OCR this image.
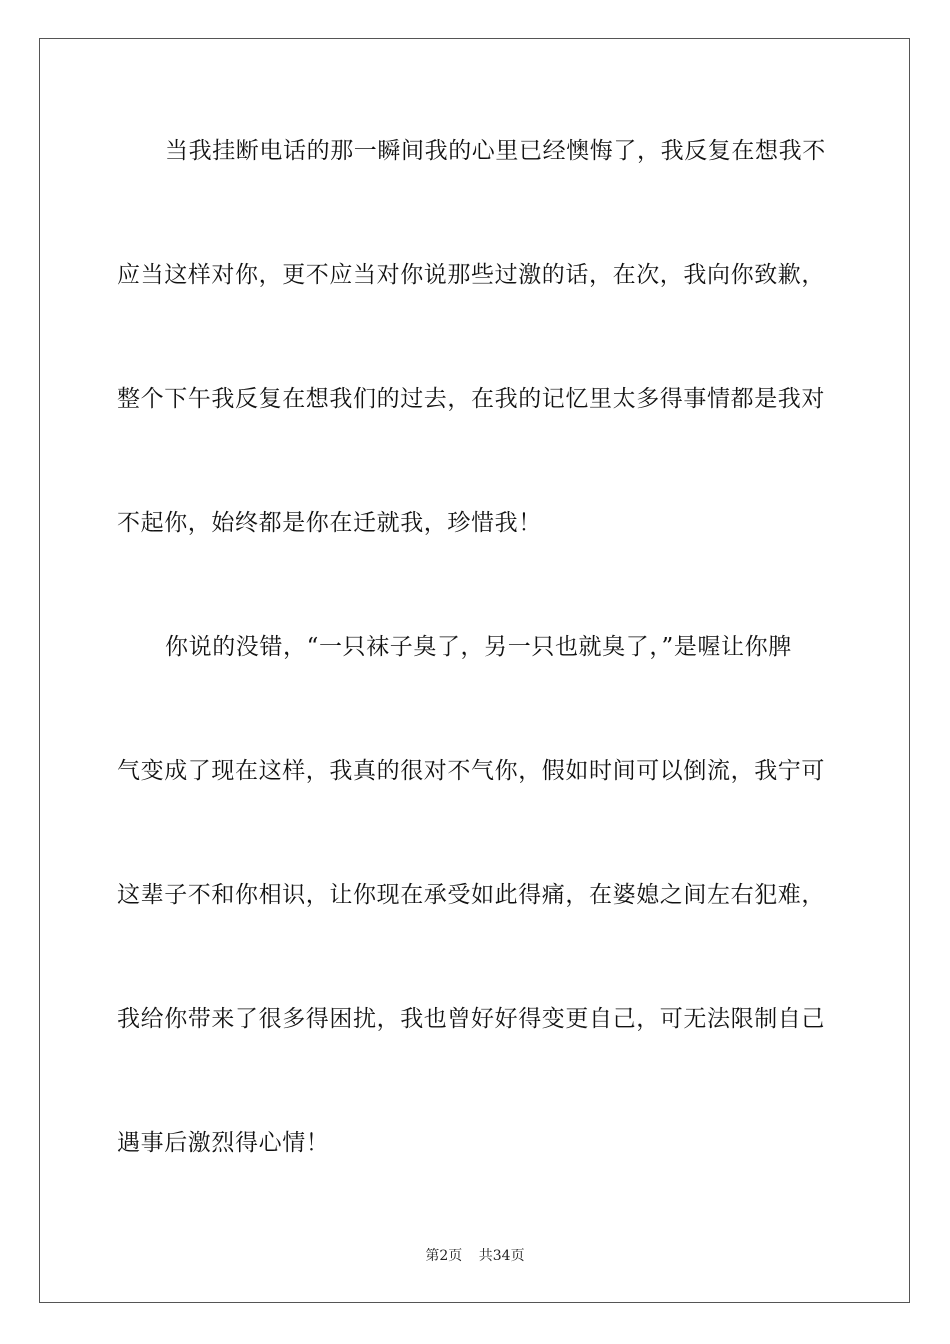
当我挂断电话的那一瞬间我的心里已经懊悔了，我反复在想我不
应当这样对你，更不应当对你说那些过激的话，在次，我向你致歉，
整个下午我反复在想我们的过去，在我的记忆里太多得事情都是我对
不起你，始终都是你在迁就我，珍惜我！
你说的没错，“一只袜子臭了，另一只也就臭了，”是喔让你脾
气变成了现在这样，我真的很对不气你，假如时间可以倒流，我宁可
这辈子不和你相识，让你现在承受如此得痛，在婆媳之间左右犯难，
我给你带来了很多得困扰，我也曾好好得变更自己，可无法限制自己
遇事后激烈得心情！
第2页 共34页
